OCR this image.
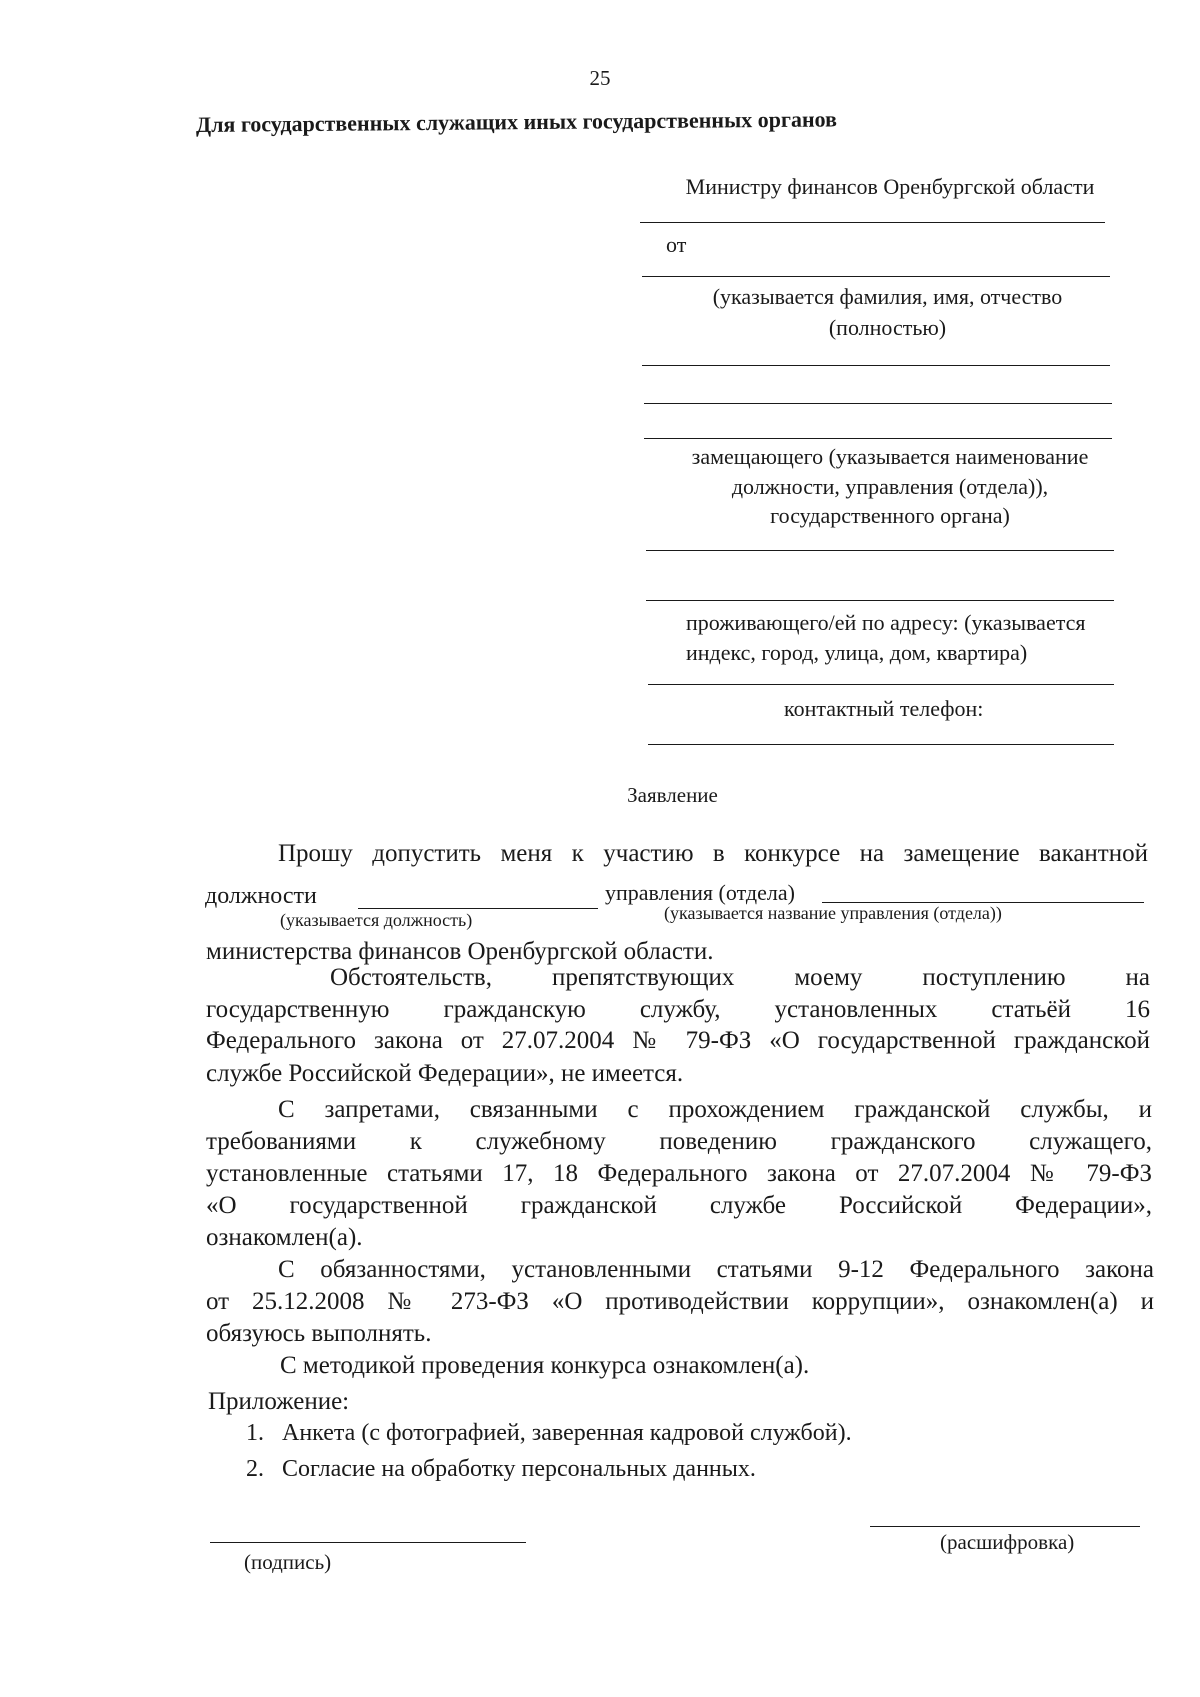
25
Для государственных служащих иных государственных органов
Министру финансов Оренбургской области
от
(указывается фамилия, имя, отчество
(полностью)
замещающего (указывается наименование
должности, управления (отдела)),
государственного органа)
проживающего/ей по адресу: (указывается
индекс, город, улица, дом, квартира)
контактный телефон:
Заявление
Прошу допустить меня к участию в конкурсе на замещение вакантной
должности	управления (отдела)
(указывается должность)	(указывается название управления (отдела))
министерства финансов Оренбургской области.
Обстоятельств, препятствующих моему поступлению на
государственную гражданскую службу, установленных статьёй 16
Федерального закона от 27.07.2004 № 79-ФЗ «О государственной гражданской
службе Российской Федерации», не имеется.
С запретами, связанными с прохождением гражданской службы, и
требованиями к служебному поведению гражданского служащего,
установленные статьями 17, 18 Федерального закона от 27.07.2004 № 79-ФЗ
«О государственной гражданской службе Российской Федерации»,
ознакомлен(а).
С обязанностями, установленными статьями 9-12 Федерального закона
от 25.12.2008 № 273-ФЗ «О противодействии коррупции», ознакомлен(а) и
обязуюсь выполнять.
С методикой проведения конкурса ознакомлен(а).
Приложение:
1. Анкета (с фотографией, заверенная кадровой службой).
2. Согласие на обработку персональных данных.
(подпись)
(расшифровка)
